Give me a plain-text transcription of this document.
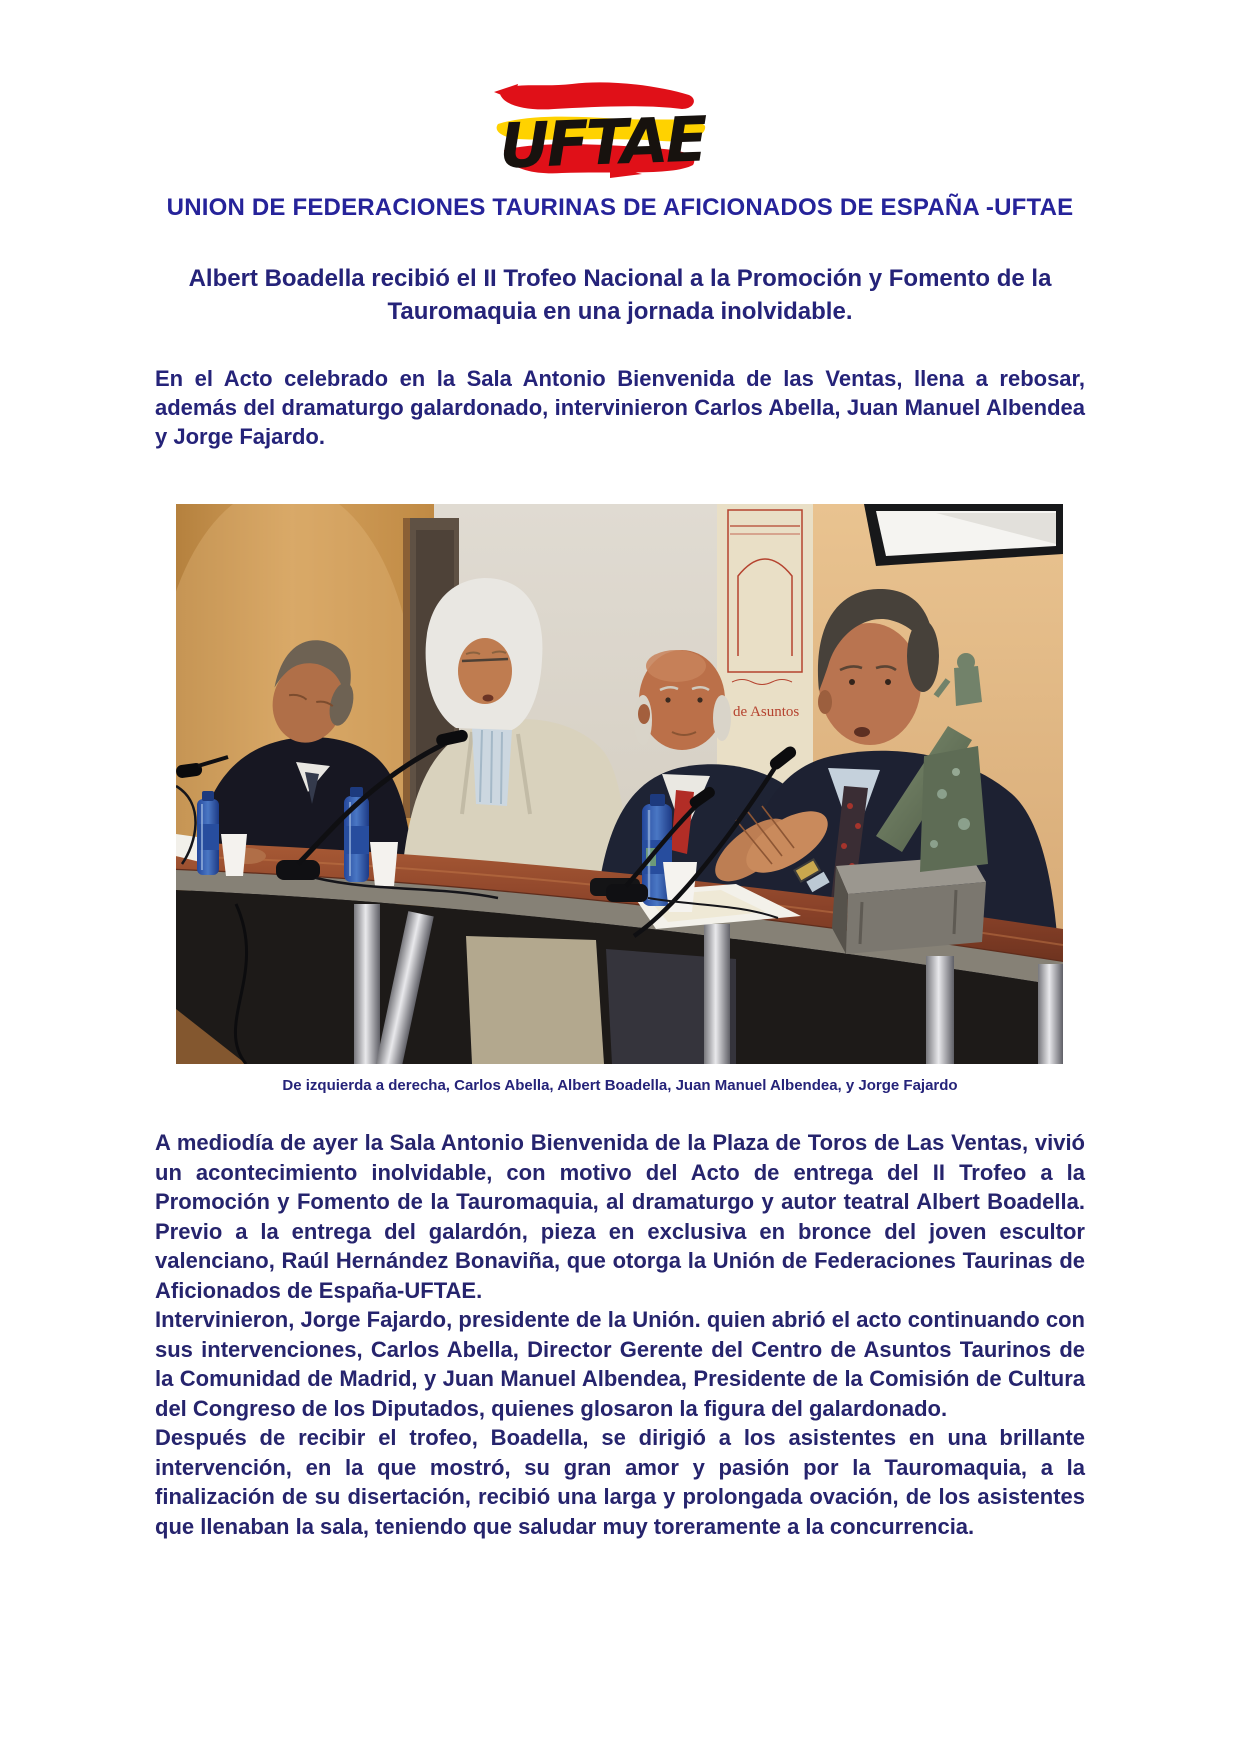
UFTAE
UNION DE FEDERACIONES TAURINAS DE AFICIONADOS DE ESPAÑA -UFTAE
Albert Boadella recibió el II Trofeo Nacional a la Promoción y Fomento de la Tauromaquia en una jornada inolvidable.

En el Acto celebrado en la Sala Antonio Bienvenida de las Ventas, llena a rebosar, además del dramaturgo galardonado, intervinieron Carlos Abella, Juan Manuel Albendea y Jorge Fajardo.

de Asuntos
De izquierda a derecha, Carlos Abella, Albert Boadella, Juan Manuel Albendea, y Jorge Fajardo

A mediodía de ayer la Sala Antonio Bienvenida de la Plaza de Toros de Las Ventas, vivió un acontecimiento inolvidable, con motivo del Acto de entrega del II Trofeo a la Promoción y Fomento de la Tauromaquia, al dramaturgo y autor teatral Albert Boadella. Previo a la entrega del galardón, pieza en exclusiva en bronce del joven escultor valenciano, Raúl Hernández Bonaviña, que otorga la Unión de Federaciones Taurinas de Aficionados de España-UFTAE.

Intervinieron, Jorge Fajardo, presidente de la Unión. quien abrió el acto continuando con sus intervenciones, Carlos Abella, Director Gerente del Centro de Asuntos Taurinos de la Comunidad de Madrid, y Juan Manuel Albendea, Presidente de la Comisión de Cultura del Congreso de los Diputados, quienes glosaron la figura del galardonado.

Después de recibir el trofeo, Boadella, se dirigió a los asistentes en una brillante intervención, en la que mostró, su gran amor y pasión por la Tauromaquia, a la finalización de su disertación, recibió una larga y prolongada ovación, de los asistentes que llenaban la sala, teniendo que saludar muy toreramente a la concurrencia.
